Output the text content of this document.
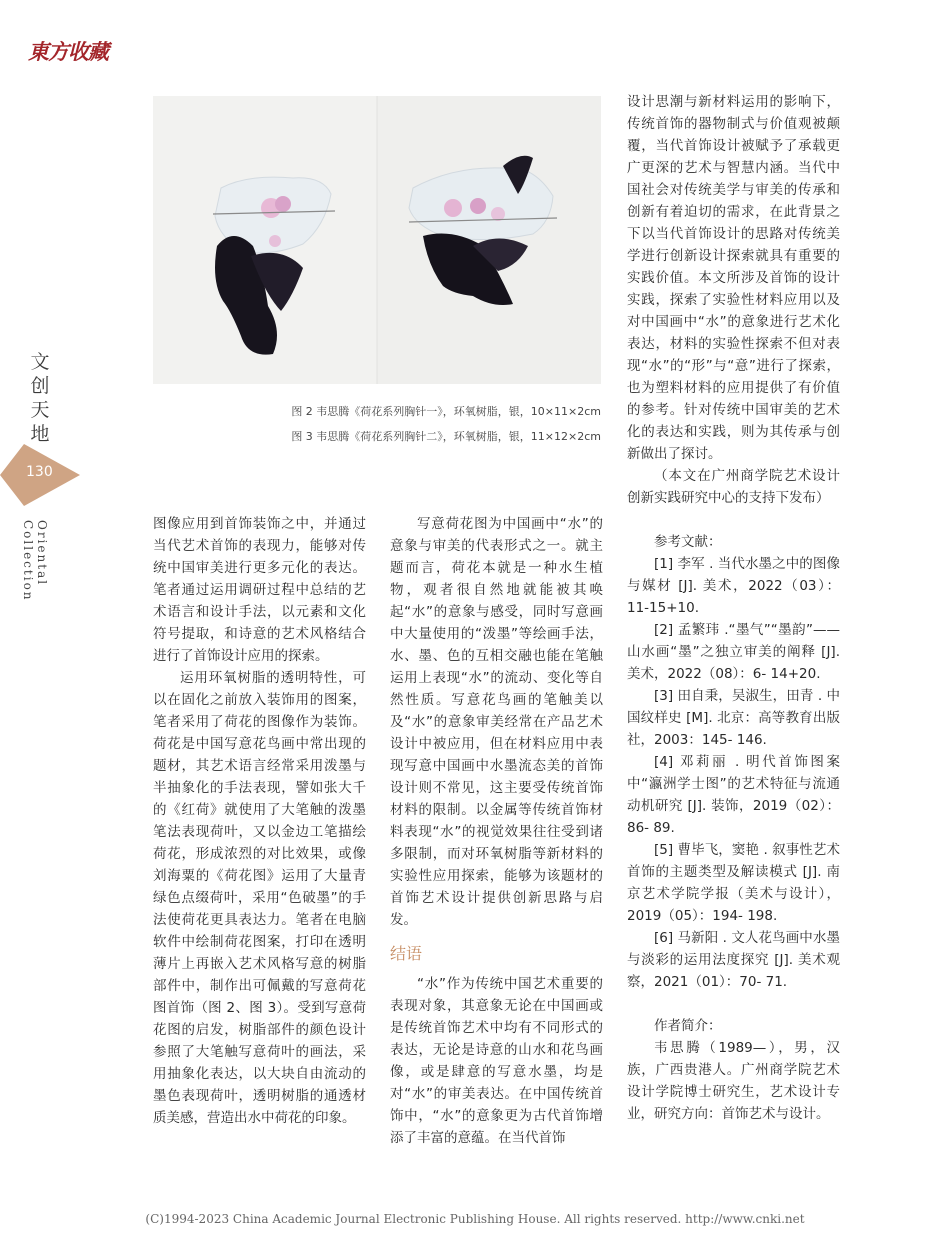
東方收藏
文创天地
130
Oriental Collection
图 2 韦思腾《荷花系列胸针一》，环氧树脂，银，10×11×2cm
图 3 韦思腾《荷花系列胸针二》，环氧树脂，银，11×12×2cm

图像应用到首饰装饰之中，并通过当代艺术首饰的表现力，能够对传统中国审美进行更多元化的表达。笔者通过运用调研过程中总结的艺术语言和设计手法，以元素和文化符号提取，和诗意的艺术风格结合进行了首饰设计应用的探索。

运用环氧树脂的透明特性，可以在固化之前放入装饰用的图案，笔者采用了荷花的图像作为装饰。荷花是中国写意花鸟画中常出现的题材，其艺术语言经常采用泼墨与半抽象化的手法表现，譬如张大千的《红荷》就使用了大笔触的泼墨笔法表现荷叶，又以金边工笔描绘荷花，形成浓烈的对比效果，或像刘海粟的《荷花图》运用了大量青绿色点缀荷叶，采用“色破墨”的手法使荷花更具表达力。笔者在电脑软件中绘制荷花图案，打印在透明薄片上再嵌入艺术风格写意的树脂部件中，制作出可佩戴的写意荷花图首饰（图 2、图 3）。受到写意荷花图的启发，树脂部件的颜色设计参照了大笔触写意荷叶的画法，采用抽象化表达，以大块自由流动的墨色表现荷叶，透明树脂的通透材质美感，营造出水中荷花的印象。

写意荷花图为中国画中“水”的意象与审美的代表形式之一。就主题而言，荷花本就是一种水生植物，观者很自然地就能被其唤起“水”的意象与感受，同时写意画中大量使用的“泼墨”等绘画手法，水、墨、色的互相交融也能在笔触运用上表现“水”的流动、变化等自然性质。写意花鸟画的笔触美以及“水”的意象审美经常在产品艺术设计中被应用，但在材料应用中表现写意中国画中水墨流态美的首饰设计则不常见，这主要受传统首饰材料的限制。以金属等传统首饰材料表现“水”的视觉效果往往受到诸多限制，而对环氧树脂等新材料的实验性应用探索，能够为该题材的首饰艺术设计提供创新思路与启发。

结语

“水”作为传统中国艺术重要的表现对象，其意象无论在中国画或是传统首饰艺术中均有不同形式的表达，无论是诗意的山水和花鸟画像，或是肆意的写意水墨，均是对“水”的审美表达。在中国传统首饰中，“水”的意象更为古代首饰增添了丰富的意蕴。在当代首饰

设计思潮与新材料运用的影响下，传统首饰的器物制式与价值观被颠覆，当代首饰设计被赋予了承载更广更深的艺术与智慧内涵。当代中国社会对传统美学与审美的传承和创新有着迫切的需求，在此背景之下以当代首饰设计的思路对传统美学进行创新设计探索就具有重要的实践价值。本文所涉及首饰的设计实践，探索了实验性材料应用以及对中国画中“水”的意象进行艺术化表达，材料的实验性探索不但对表现“水”的“形”与“意”进行了探索，也为塑料材料的应用提供了有价值的参考。针对传统中国审美的艺术化的表达和实践，则为其传承与创新做出了探讨。

（本文在广州商学院艺术设计创新实践研究中心的支持下发布）

参考文献：

[1] 李军 . 当代水墨之中的图像与媒材 [J]. 美术，2022（03）：11-15+10.

[2] 孟繁玮 .“墨气”“墨韵”——山水画“墨”之独立审美的阐释 [J]. 美术，2022（08）：6- 14+20.

[3] 田自秉，吴淑生，田青 . 中国纹样史 [M]. 北京：高等教育出版社，2003：145- 146.

[4] 邓莉丽 . 明代首饰图案中“瀛洲学士图”的艺术特征与流通动机研究 [J]. 装饰，2019（02）：86- 89.

[5] 曹毕飞，窦艳 . 叙事性艺术首饰的主题类型及解读模式 [J]. 南京艺术学院学报（美术与设计），2019（05）：194- 198.

[6] 马新阳 . 文人花鸟画中水墨与淡彩的运用法度探究 [J]. 美术观察，2021（01）：70- 71.

作者简介：

韦思腾（1989—），男，汉族，广西贵港人。广州商学院艺术设计学院博士研究生，艺术设计专业，研究方向：首饰艺术与设计。

(C)1994-2023 China Academic Journal Electronic Publishing House. All rights reserved. http://www.cnki.net
